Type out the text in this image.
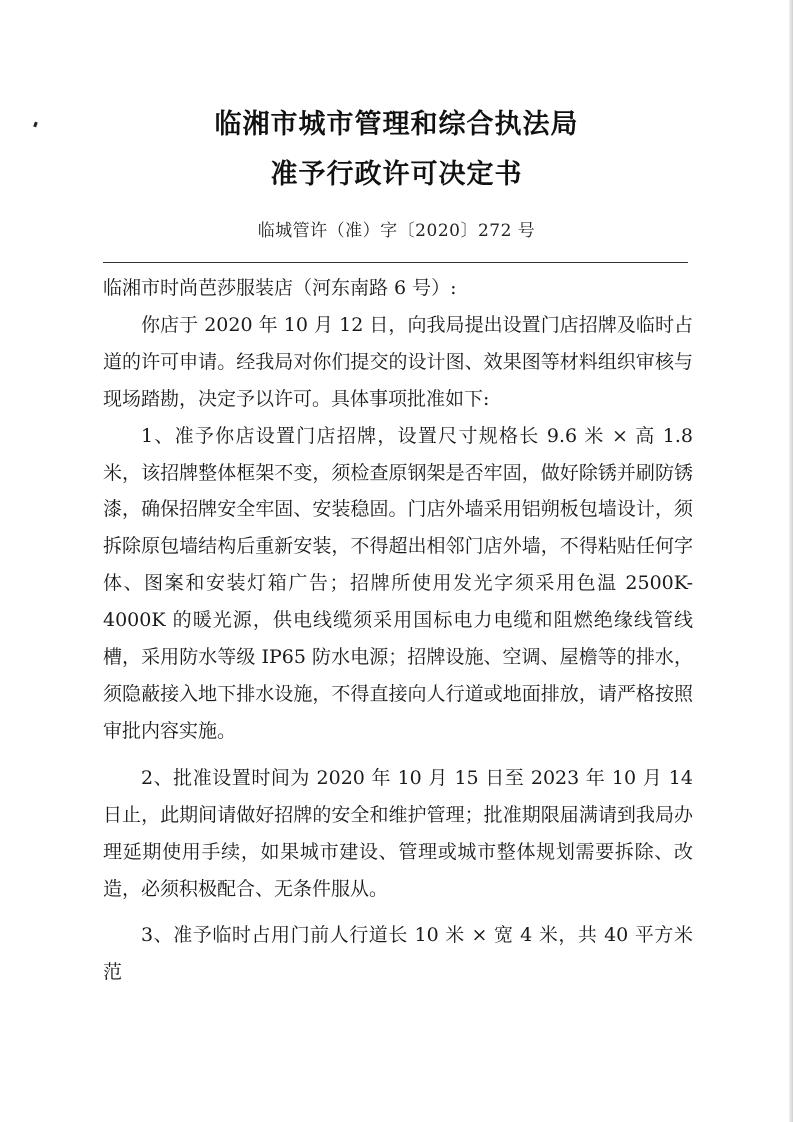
临湘市城市管理和综合执法局
准予行政许可决定书
临城管许（准）字〔2020〕272 号

临湘市时尚芭莎服装店（河东南路 6 号）:

你店于 2020 年 10 月 12 日，向我局提出设置门店招牌及临时占道的许可申请。经我局对你们提交的设计图、效果图等材料组织审核与现场踏勘，决定予以许可。具体事项批准如下:

1、准予你店设置门店招牌，设置尺寸规格长 9.6 米 × 高 1.8 米，该招牌整体框架不变，须检查原钢架是否牢固，做好除锈并刷防锈漆，确保招牌安全牢固、安装稳固。门店外墙采用铝朔板包墙设计，须拆除原包墙结构后重新安装，不得超出相邻门店外墙，不得粘贴任何字体、图案和安装灯箱广告；招牌所使用发光字须采用色温 2500K-4000K 的暖光源，供电线缆须采用国标电力电缆和阻燃绝缘线管线槽，采用防水等级 IP65 防水电源；招牌设施、空调、屋檐等的排水，须隐蔽接入地下排水设施，不得直接向人行道或地面排放，请严格按照审批内容实施。

2、批准设置时间为 2020 年 10 月 15 日至 2023 年 10 月 14 日止，此期间请做好招牌的安全和维护管理；批准期限届满请到我局办理延期使用手续，如果城市建设、管理或城市整体规划需要拆除、改造，必须积极配合、无条件服从。

3、准予临时占用门前人行道长 10 米 × 宽 4 米，共 40 平方米范
